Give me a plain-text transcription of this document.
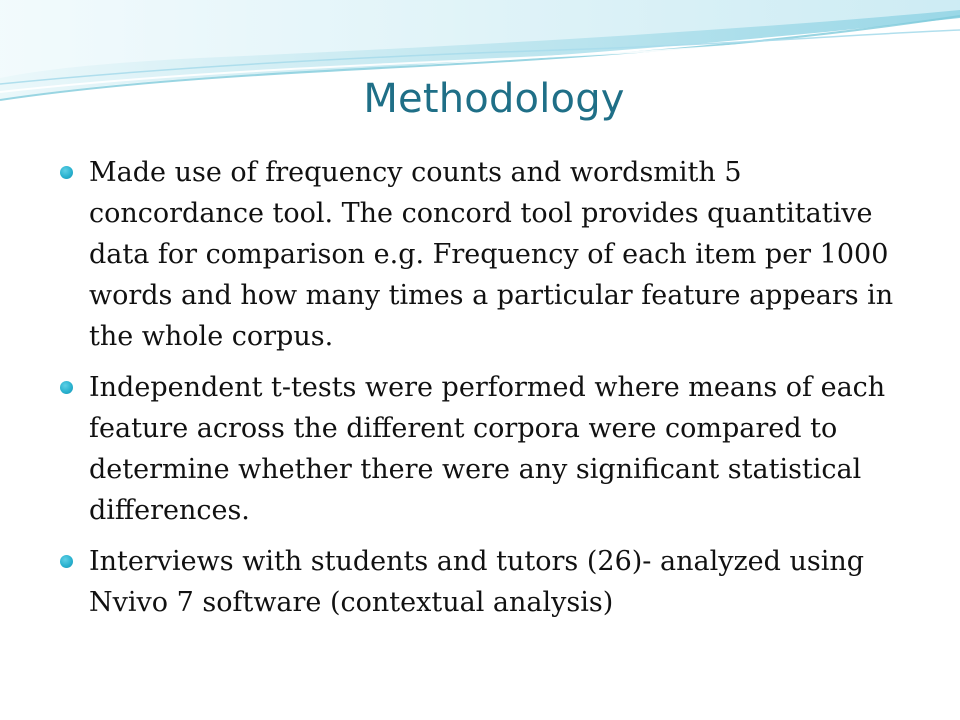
Methodology
Made use of frequency counts and wordsmith 5 concordance tool. The concord tool provides quantitative data for comparison e.g. Frequency of each item per 1000 words and how many times a particular feature appears in the whole corpus.
Independent t-tests were performed where means of each feature across the different corpora were compared to determine whether there were any significant statistical differences.
Interviews with students and tutors (26)- analyzed using Nvivo 7 software (contextual analysis)
